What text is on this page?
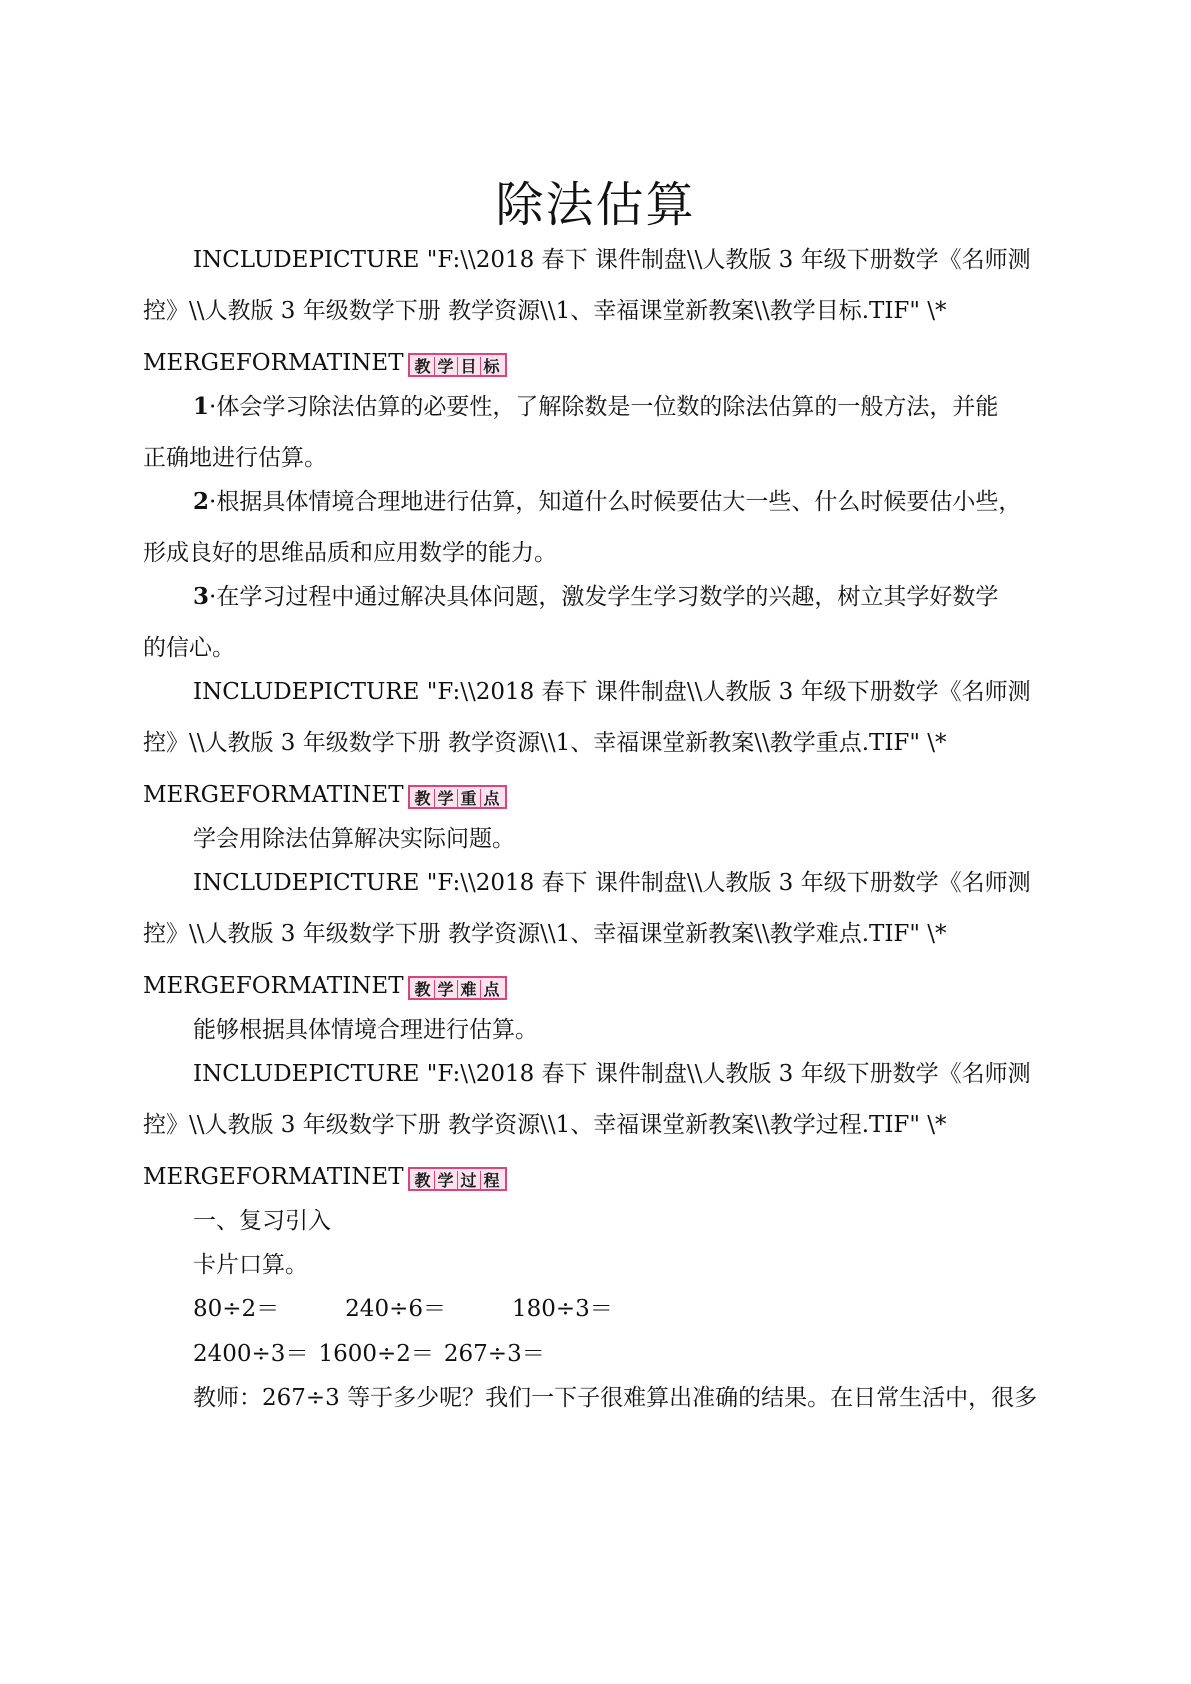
除法估算
INCLUDEPICTURE "F:\\2018 春下 课件制盘\\人教版 3 年级下册数学《名师测
控》\\人教版 3 年级数学下册 教学资源\\1、幸福课堂新教案\\教学目标.TIF" \*
MERGEFORMATINET 教 学 目 标
1·体会学习除法估算的必要性，了解除数是一位数的除法估算的一般方法，并能
正确地进行估算。
2·根据具体情境合理地进行估算，知道什么时候要估大一些、什么时候要估小些，
形成良好的思维品质和应用数学的能力。
3·在学习过程中通过解决具体问题，激发学生学习数学的兴趣，树立其学好数学
的信心。
INCLUDEPICTURE "F:\\2018 春下 课件制盘\\人教版 3 年级下册数学《名师测
控》\\人教版 3 年级数学下册 教学资源\\1、幸福课堂新教案\\教学重点.TIF" \*
MERGEFORMATINET 教 学 重 点
学会用除法估算解决实际问题。
INCLUDEPICTURE "F:\\2018 春下 课件制盘\\人教版 3 年级下册数学《名师测
控》\\人教版 3 年级数学下册 教学资源\\1、幸福课堂新教案\\教学难点.TIF" \*
MERGEFORMATINET 教 学 难 点
能够根据具体情境合理进行估算。
INCLUDEPICTURE "F:\\2018 春下 课件制盘\\人教版 3 年级下册数学《名师测
控》\\人教版 3 年级数学下册 教学资源\\1、幸福课堂新教案\\教学过程.TIF" \*
MERGEFORMATINET 教 学 过 程
一、复习引入
卡片口算。
80÷2＝	240÷6＝	180÷3＝
2400÷3＝ 1600÷2＝ 267÷3＝
教师：267÷3 等于多少呢？我们一下子很难算出准确的结果。在日常生活中，很多
